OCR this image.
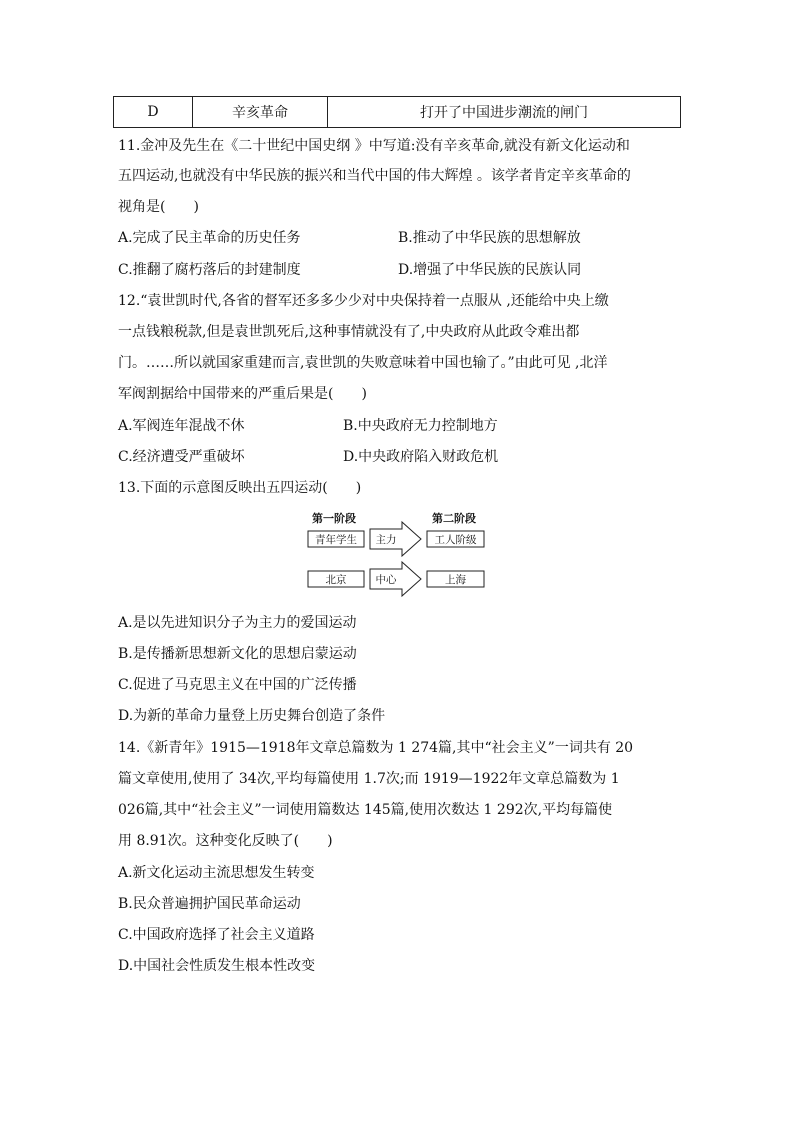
D	辛亥革命	打开了中国进步潮流的闸门
11.金冲及先生在《二十世纪中国史纲 》中写道:没有辛亥革命,就没有新文化运动和
五四运动,也就没有中华民族的振兴和当代中国的伟大辉煌 。该学者肯定辛亥革命的
视角是(　　)
A.完成了民主革命的历史任务	B.推动了中华民族的思想解放
C.推翻了腐朽落后的封建制度	D.增强了中华民族的民族认同
12.“袁世凯时代,各省的督军还多多少少对中央保持着一点服从 ,还能给中央上缴
一点钱粮税款,但是袁世凯死后,这种事情就没有了,中央政府从此政令难出都
门。……所以就国家重建而言,袁世凯的失败意味着中国也输了。”由此可见 ,北洋
军阀割据给中国带来的严重后果是(　　)
A.军阀连年混战不休	B.中央政府无力控制地方
C.经济遭受严重破坏	D.中央政府陷入财政危机
13.下面的示意图反映出五四运动(　　)
第一阶段	第二阶段
青年学生 主力	工人阶级
北京	中心	上海
A.是以先进知识分子为主力的爱国运动
B.是传播新思想新文化的思想启蒙运动
C.促进了马克思主义在中国的广泛传播
D.为新的革命力量登上历史舞台创造了条件
14.《新青年》1915—1918年文章总篇数为 1 274篇,其中“社会主义”一词共有 20
篇文章使用,使用了 34次,平均每篇使用 1.7次;而 1919—1922年文章总篇数为 1
026篇,其中“社会主义”一词使用篇数达 145篇,使用次数达 1 292次,平均每篇使
用 8.91次。这种变化反映了(　　)
A.新文化运动主流思想发生转变
B.民众普遍拥护国民革命运动
C.中国政府选择了社会主义道路
D.中国社会性质发生根本性改变
